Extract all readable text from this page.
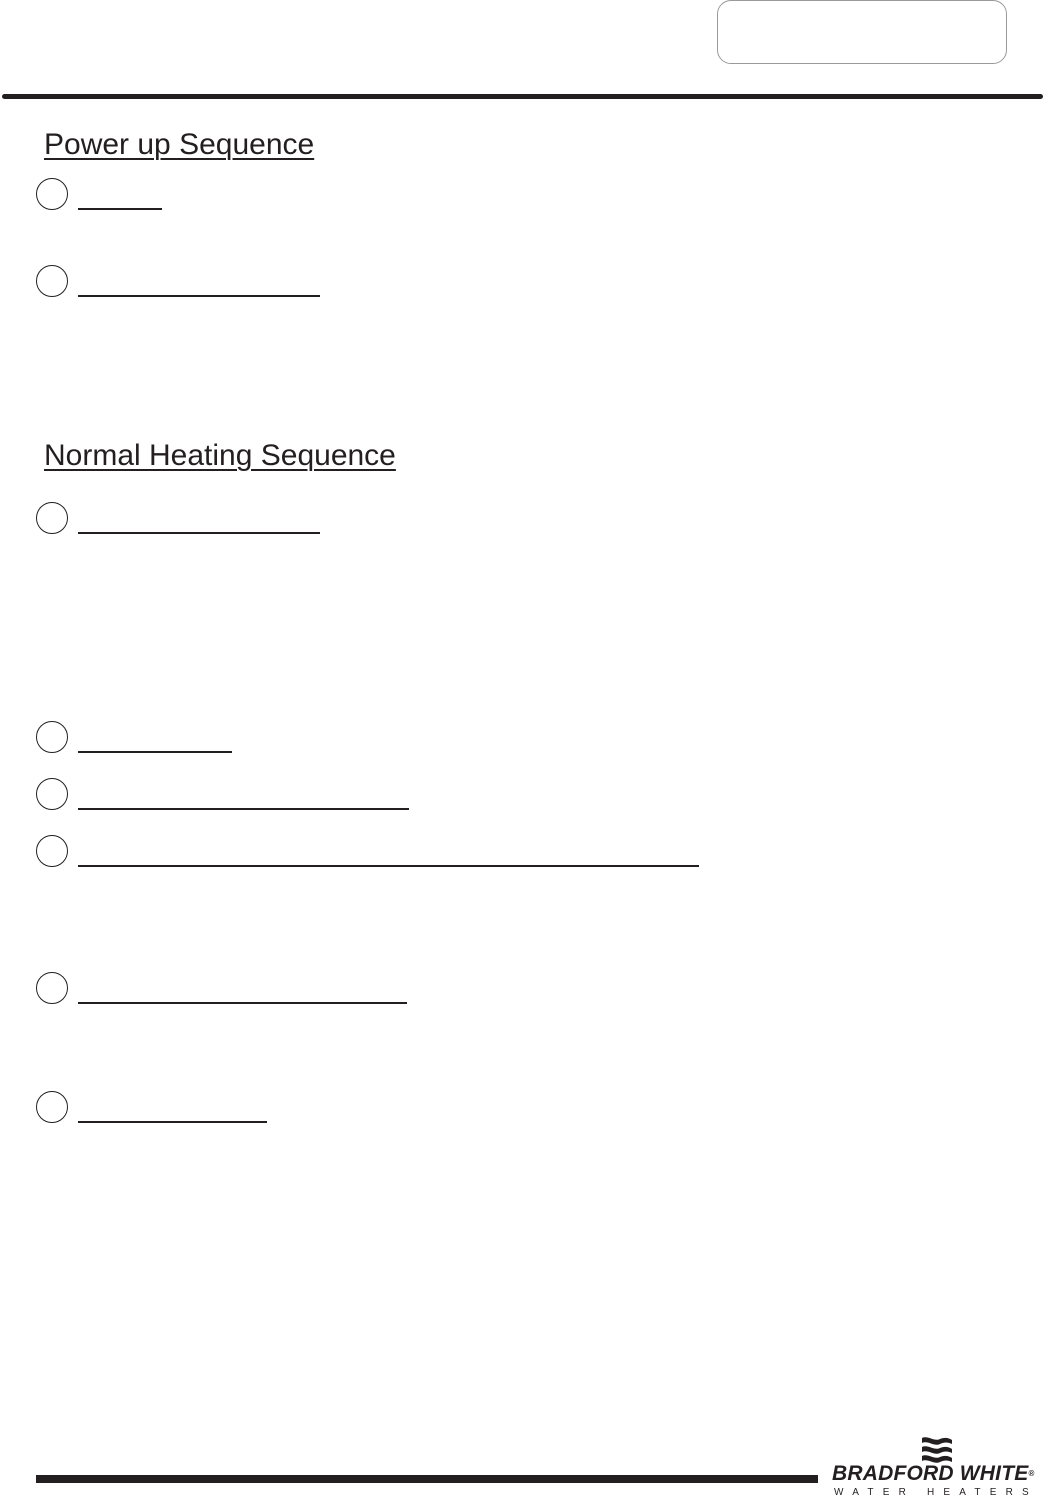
Power up Sequence
Normal Heating Sequence
BRADFORD WHITE®
WATER HEATERS
